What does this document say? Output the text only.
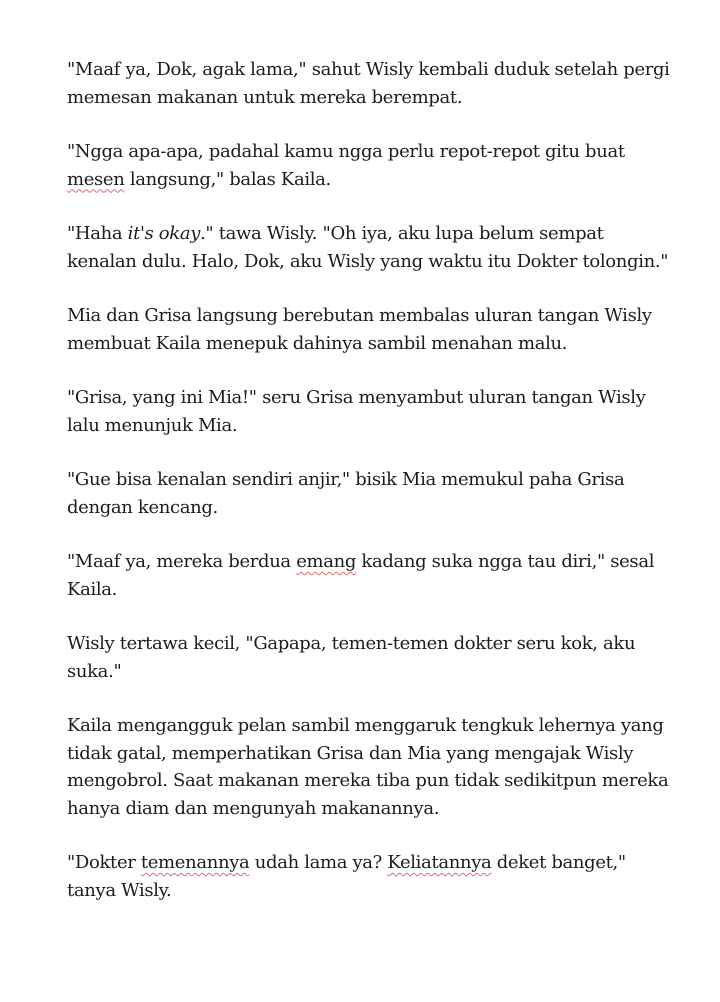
"Maaf ya, Dok, agak lama," sahut Wisly kembali duduk setelah pergi memesan makanan untuk mereka berempat.

"Ngga apa-apa, padahal kamu ngga perlu repot-repot gitu buat mesen langsung," balas Kaila.

"Haha it's okay." tawa Wisly. "Oh iya, aku lupa belum sempat kenalan dulu. Halo, Dok, aku Wisly yang waktu itu Dokter tolongin."

Mia dan Grisa langsung berebutan membalas uluran tangan Wisly membuat Kaila menepuk dahinya sambil menahan malu.

"Grisa, yang ini Mia!" seru Grisa menyambut uluran tangan Wisly lalu menunjuk Mia.

"Gue bisa kenalan sendiri anjir," bisik Mia memukul paha Grisa dengan kencang.

"Maaf ya, mereka berdua emang kadang suka ngga tau diri," sesal Kaila.

Wisly tertawa kecil, "Gapapa, temen-temen dokter seru kok, aku suka."

Kaila mengangguk pelan sambil menggaruk tengkuk lehernya yang tidak gatal, memperhatikan Grisa dan Mia yang mengajak Wisly mengobrol. Saat makanan mereka tiba pun tidak sedikitpun mereka hanya diam dan mengunyah makanannya.

"Dokter temenannya udah lama ya? Keliatannya deket banget," tanya Wisly.
